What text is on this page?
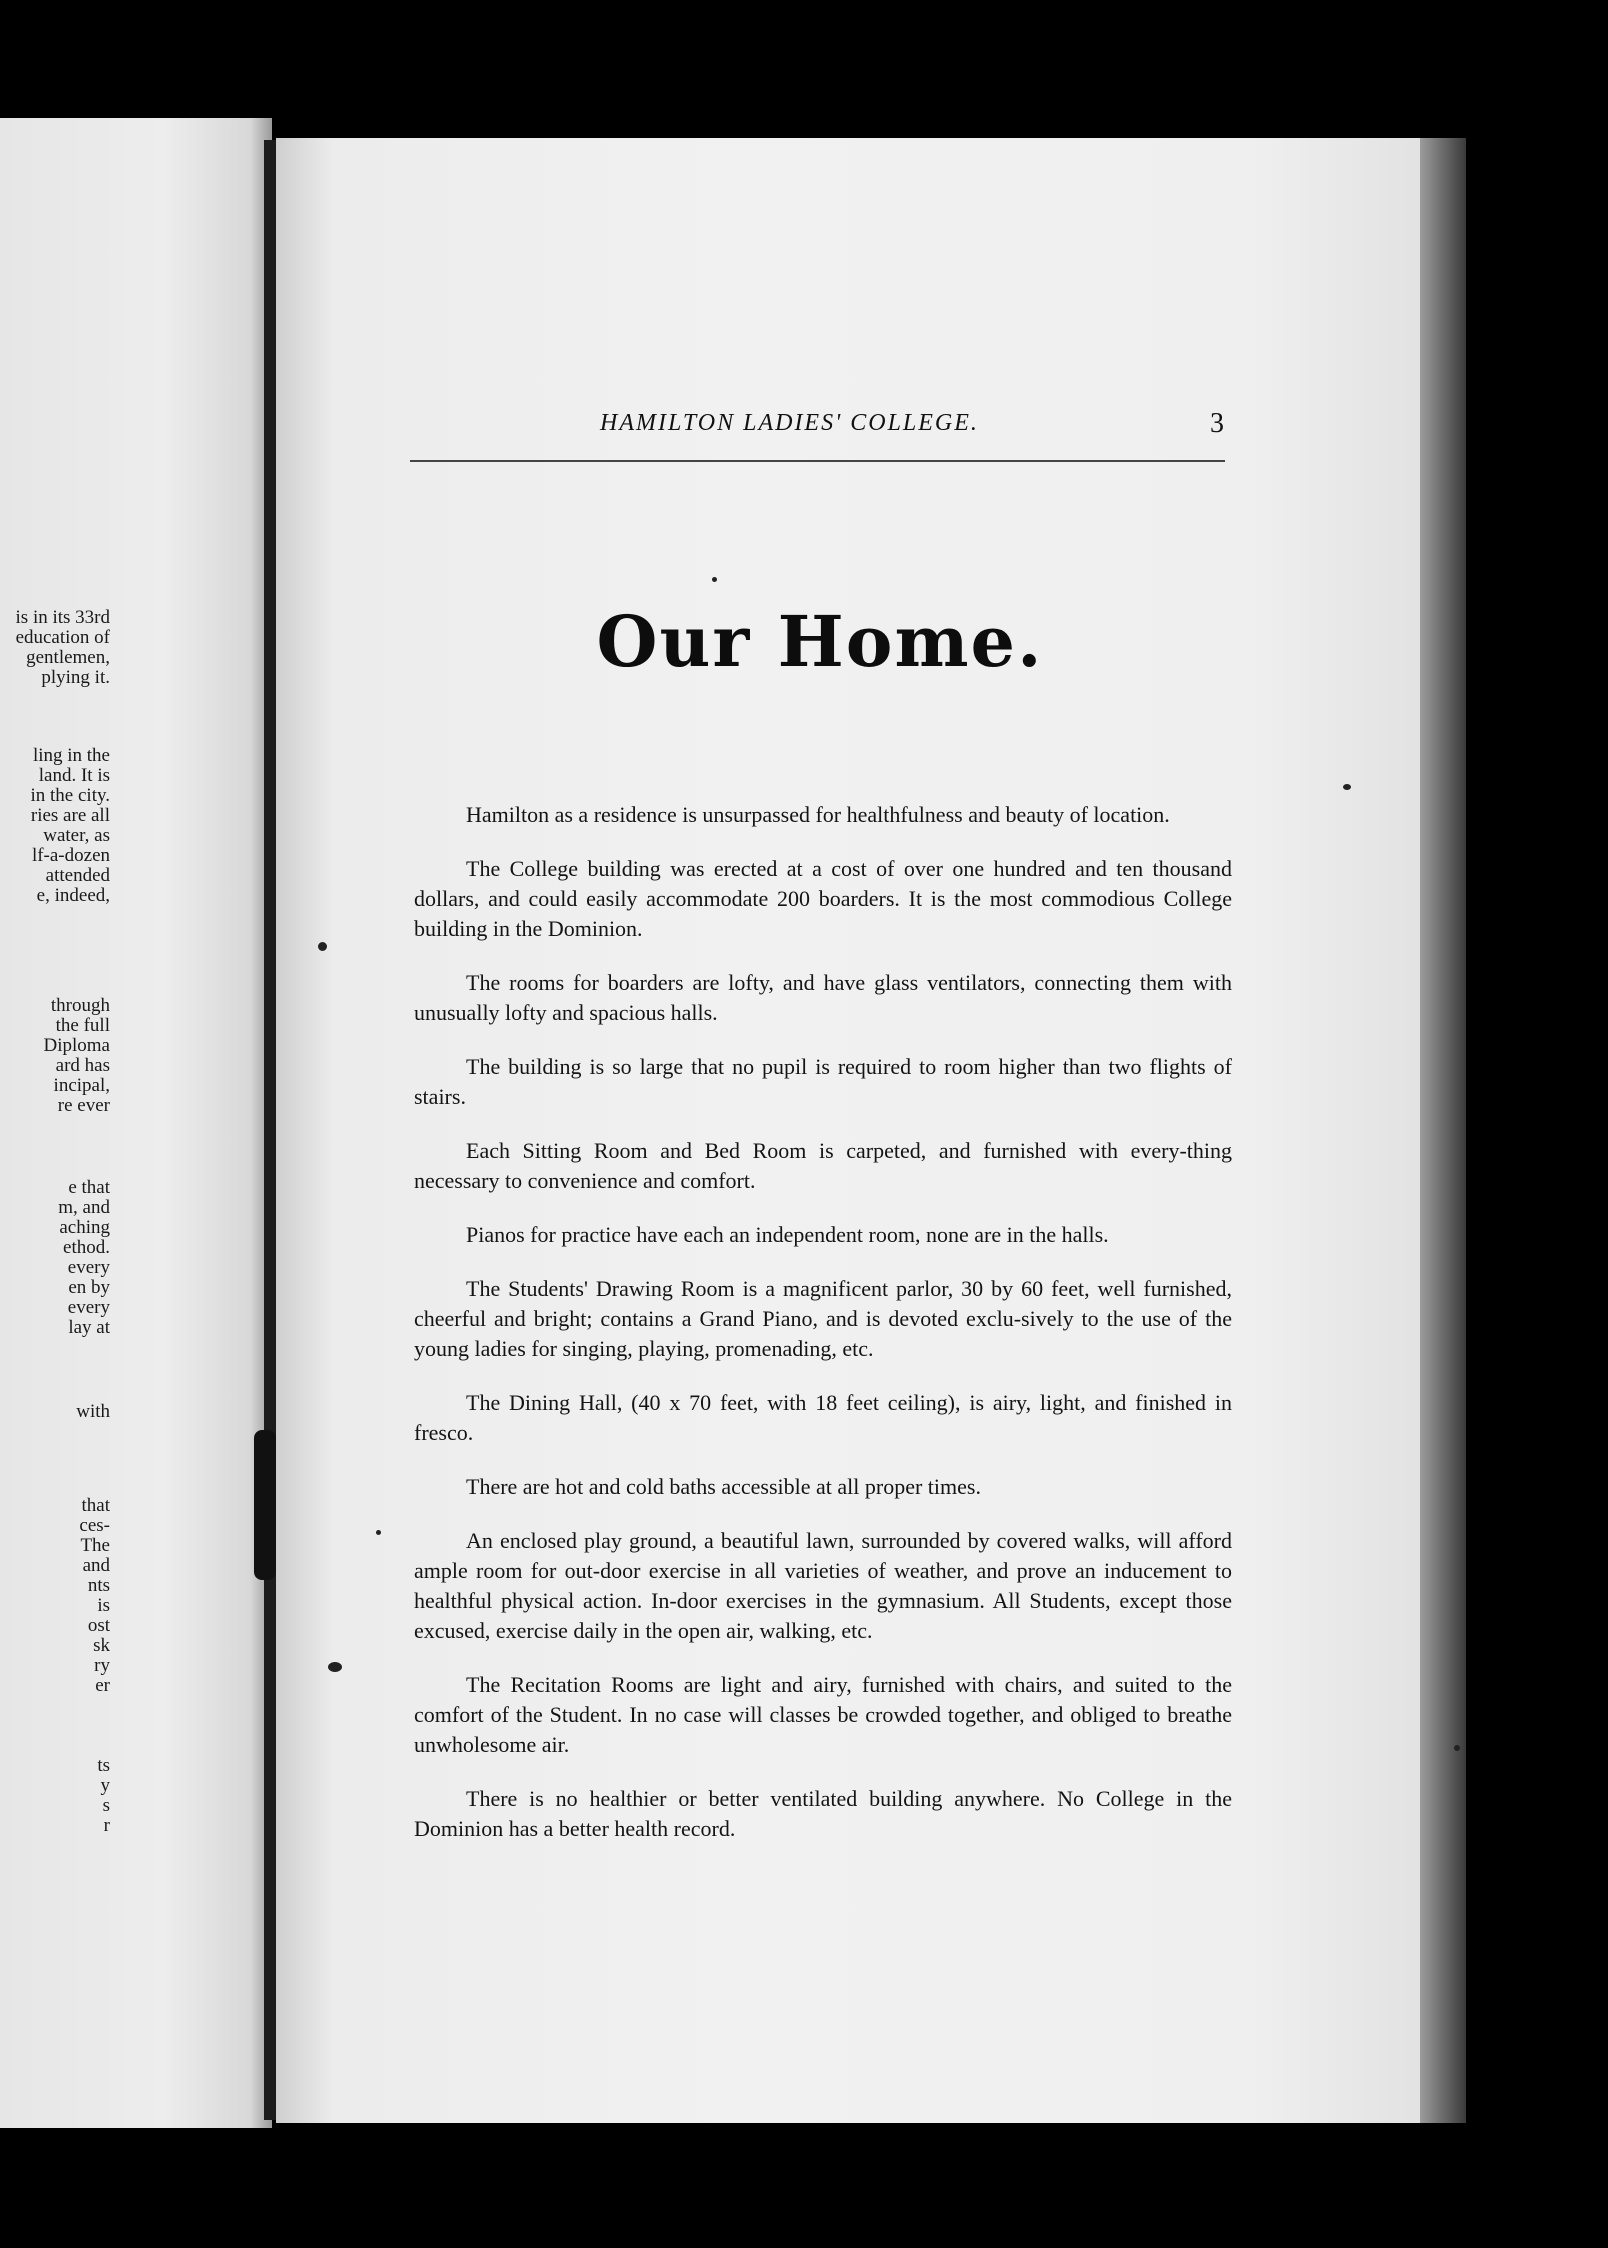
is in its 33rd
education of
gentlemen,
plying it.

ling in the
land. It is
in the city.
ries are all
water, as
lf-a-dozen
attended
e, indeed,

through
the full
Diploma
ard has
incipal,
re ever

e that
m, and
aching
ethod.
every
en by
every
lay at

with

that
ces-
The
and
nts
is
ost
sk
ry
er

ts
y
s
r

HAMILTON LADIES' COLLEGE.	3
Our Home.

Hamilton as a residence is unsurpassed for healthfulness and beauty of location.

The College building was erected at a cost of over one hundred and ten thousand dollars, and could easily accommodate 200 boarders. It is the most commodious College building in the Dominion.

The rooms for boarders are lofty, and have glass ventilators, connecting them with unusually lofty and spacious halls.

The building is so large that no pupil is required to room higher than two flights of stairs.

Each Sitting Room and Bed Room is carpeted, and furnished with every-thing necessary to convenience and comfort.

Pianos for practice have each an independent room, none are in the halls.

The Students' Drawing Room is a magnificent parlor, 30 by 60 feet, well furnished, cheerful and bright; contains a Grand Piano, and is devoted exclu-sively to the use of the young ladies for singing, playing, promenading, etc.

The Dining Hall, (40 x 70 feet, with 18 feet ceiling), is airy, light, and finished in fresco.

There are hot and cold baths accessible at all proper times.

An enclosed play ground, a beautiful lawn, surrounded by covered walks, will afford ample room for out-door exercise in all varieties of weather, and prove an inducement to healthful physical action. In-door exercises in the gymnasium. All Students, except those excused, exercise daily in the open air, walking, etc.

The Recitation Rooms are light and airy, furnished with chairs, and suited to the comfort of the Student. In no case will classes be crowded together, and obliged to breathe unwholesome air.

There is no healthier or better ventilated building anywhere. No College in the Dominion has a better health record.
